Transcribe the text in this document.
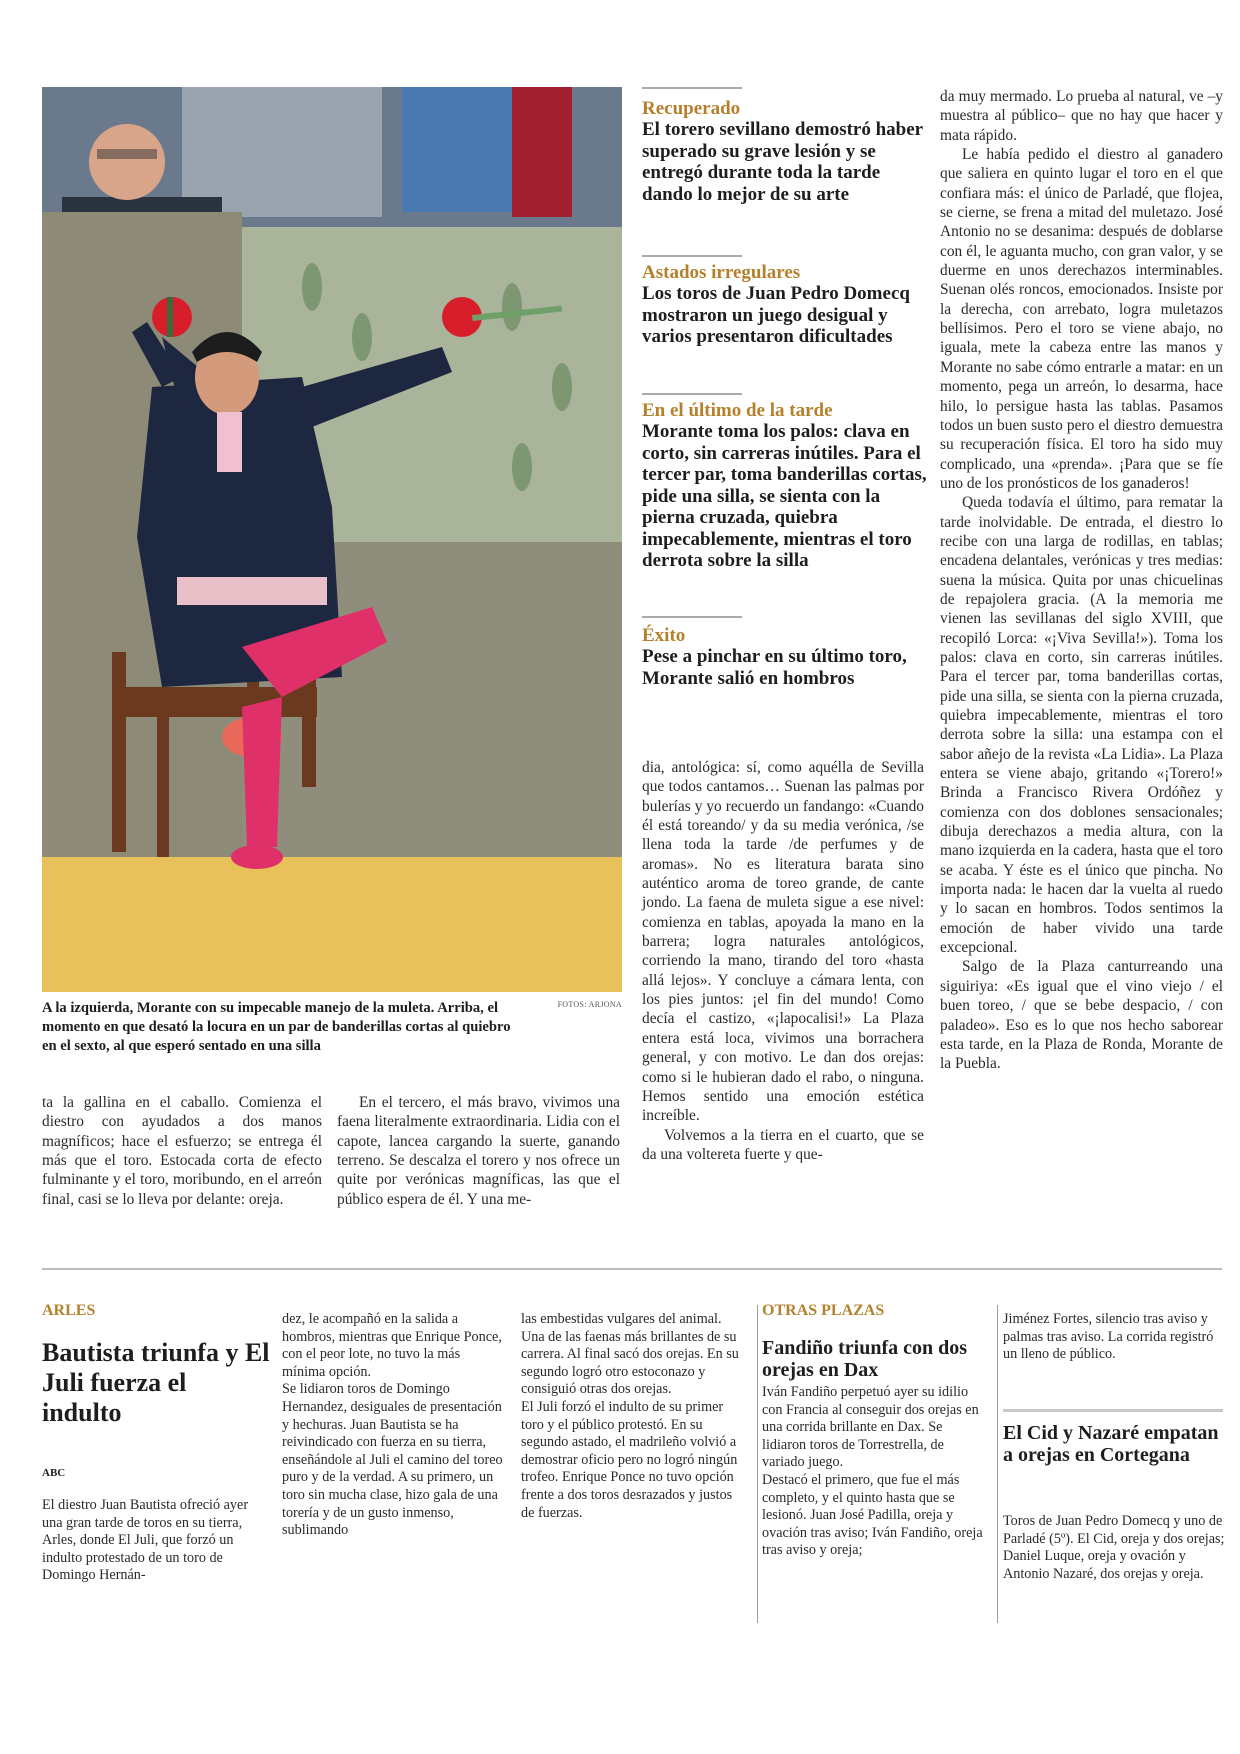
FOTOS: ARJONA
A la izquierda, Morante con su impecable manejo de la muleta. Arriba, el momento en que desató la locura en un par de banderillas cortas al quiebro en el sexto, al que esperó sentado en una silla
Recuperado
El torero sevillano demostró haber superado su grave lesión y se entregó durante toda la tarde dando lo mejor de su arte
Astados irregulares
Los toros de Juan Pedro Domecq mostraron un juego desigual y varios presentaron dificultades
En el último de la tarde
Morante toma los palos: clava en corto, sin carreras inútiles. Para el tercer par, toma banderillas cortas, pide una silla, se sienta con la pierna cruzada, quiebra impecablemente, mientras el toro derrota sobre la silla
Éxito
Pese a pinchar en su último toro, Morante salió en hombros

ta la gallina en el caballo. Comienza el diestro con ayudados a dos manos magníficos; hace el esfuerzo; se entrega él más que el toro. Estocada corta de efecto fulminante y el toro, moribundo, en el arreón final, casi se lo lleva por delante: oreja.

En el tercero, el más bravo, vivimos una faena literalmente extraordinaria. Lidia con el capote, lancea cargando la suerte, ganando terreno. Se descalza el torero y nos ofrece un quite por verónicas magníficas, las que el público espera de él. Y una me-

dia, antológica: sí, como aquélla de Sevilla que todos cantamos… Suenan las palmas por bulerías y yo recuerdo un fandango: «Cuando él está toreando/ y da su media verónica, /se llena toda la tarde /de perfumes y de aromas». No es literatura barata sino auténtico aroma de toreo grande, de cante jondo. La faena de muleta sigue a ese nivel: comienza en tablas, apoyada la mano en la barrera; logra naturales antológicos, corriendo la mano, tirando del toro «hasta allá lejos». Y concluye a cámara lenta, con los pies juntos: ¡el fin del mundo! Como decía el castizo, «¡lapocalisi!» La Plaza entera está loca, vivimos una borrachera general, y con motivo. Le dan dos orejas: como si le hubieran dado el rabo, o ninguna. Hemos sentido una emoción estética increíble.

Volvemos a la tierra en el cuarto, que se da una voltereta fuerte y que-

da muy mermado. Lo prueba al natural, ve –y muestra al público– que no hay que hacer y mata rápido.

Le había pedido el diestro al ganadero que saliera en quinto lugar el toro en el que confiara más: el único de Parladé, que flojea, se cierne, se frena a mitad del muletazo. José Antonio no se desanima: después de doblarse con él, le aguanta mucho, con gran valor, y se duerme en unos derechazos interminables. Suenan olés roncos, emocionados. Insiste por la derecha, con arrebato, logra muletazos bellísimos. Pero el toro se viene abajo, no iguala, mete la cabeza entre las manos y Morante no sabe cómo entrarle a matar: en un momento, pega un arreón, lo desarma, hace hilo, lo persigue hasta las tablas. Pasamos todos un buen susto pero el diestro demuestra su recuperación física. El toro ha sido muy complicado, una «prenda». ¡Para que se fíe uno de los pronósticos de los ganaderos!

Queda todavía el último, para rematar la tarde inolvidable. De entrada, el diestro lo recibe con una larga de rodillas, en tablas; encadena delantales, verónicas y tres medias: suena la música. Quita por unas chicuelinas de repajolera gracia. (A la memoria me vienen las sevillanas del siglo XVIII, que recopiló Lorca: «¡Viva Sevilla!»). Toma los palos: clava en corto, sin carreras inútiles. Para el tercer par, toma banderillas cortas, pide una silla, se sienta con la pierna cruzada, quiebra impecablemente, mientras el toro derrota sobre la silla: una estampa con el sabor añejo de la revista «La Lidia». La Plaza entera se viene abajo, gritando «¡Torero!» Brinda a Francisco Rivera Ordóñez y comienza con dos doblones sensacionales; dibuja derechazos a media altura, con la mano izquierda en la cadera, hasta que el toro se acaba. Y éste es el único que pincha. No importa nada: le hacen dar la vuelta al ruedo y lo sacan en hombros. Todos sentimos la emoción de haber vivido una tarde excepcional.

Salgo de la Plaza canturreando una siguiriya: «Es igual que el vino viejo / el buen toreo, / que se bebe despacio, / con paladeo». Eso es lo que nos hecho saborear esta tarde, en la Plaza de Ronda, Morante de la Puebla.

ARLES
Bautista triunfa y El Juli fuerza el indulto
ABC

El diestro Juan Bautista ofreció ayer una gran tarde de toros en su tierra, Arles, donde El Juli, que forzó un indulto protestado de un toro de Domingo Hernán-

dez, le acompañó en la salida a hombros, mientras que Enrique Ponce, con el peor lote, no tuvo la más mínima opción.

Se lidiaron toros de Domingo Hernandez, desiguales de presentación y hechuras. Juan Bautista se ha reivindicado con fuerza en su tierra, enseñándole al Juli el camino del toreo puro y de la verdad. A su primero, un toro sin mucha clase, hizo gala de una torería y de un gusto inmenso, sublimando

las embestidas vulgares del animal. Una de las faenas más brillantes de su carrera. Al final sacó dos orejas. En su segundo logró otro estoconazo y consiguió otras dos orejas.

El Juli forzó el indulto de su primer toro y el público protestó. En su segundo astado, el madrileño volvió a demostrar oficio pero no logró ningún trofeo. Enrique Ponce no tuvo opción frente a dos toros desrazados y justos de fuerzas.

OTRAS PLAZAS
Fandiño triunfa con dos orejas en Dax

Iván Fandiño perpetuó ayer su idilio con Francia al conseguir dos orejas en una corrida brillante en Dax. Se lidiaron toros de Torrestrella, de variado juego.

Destacó el primero, que fue el más completo, y el quinto hasta que se lesionó. Juan José Padilla, oreja y ovación tras aviso; Iván Fandiño, oreja tras aviso y oreja;

Jiménez Fortes, silencio tras aviso y palmas tras aviso. La corrida registró un lleno de público.

El Cid y Nazaré empatan a orejas en Cortegana
Toros de Juan Pedro Domecq y uno de Parladé (5º). El Cid, oreja y dos orejas; Daniel Luque, oreja y ovación y Antonio Nazaré, dos orejas y oreja.
